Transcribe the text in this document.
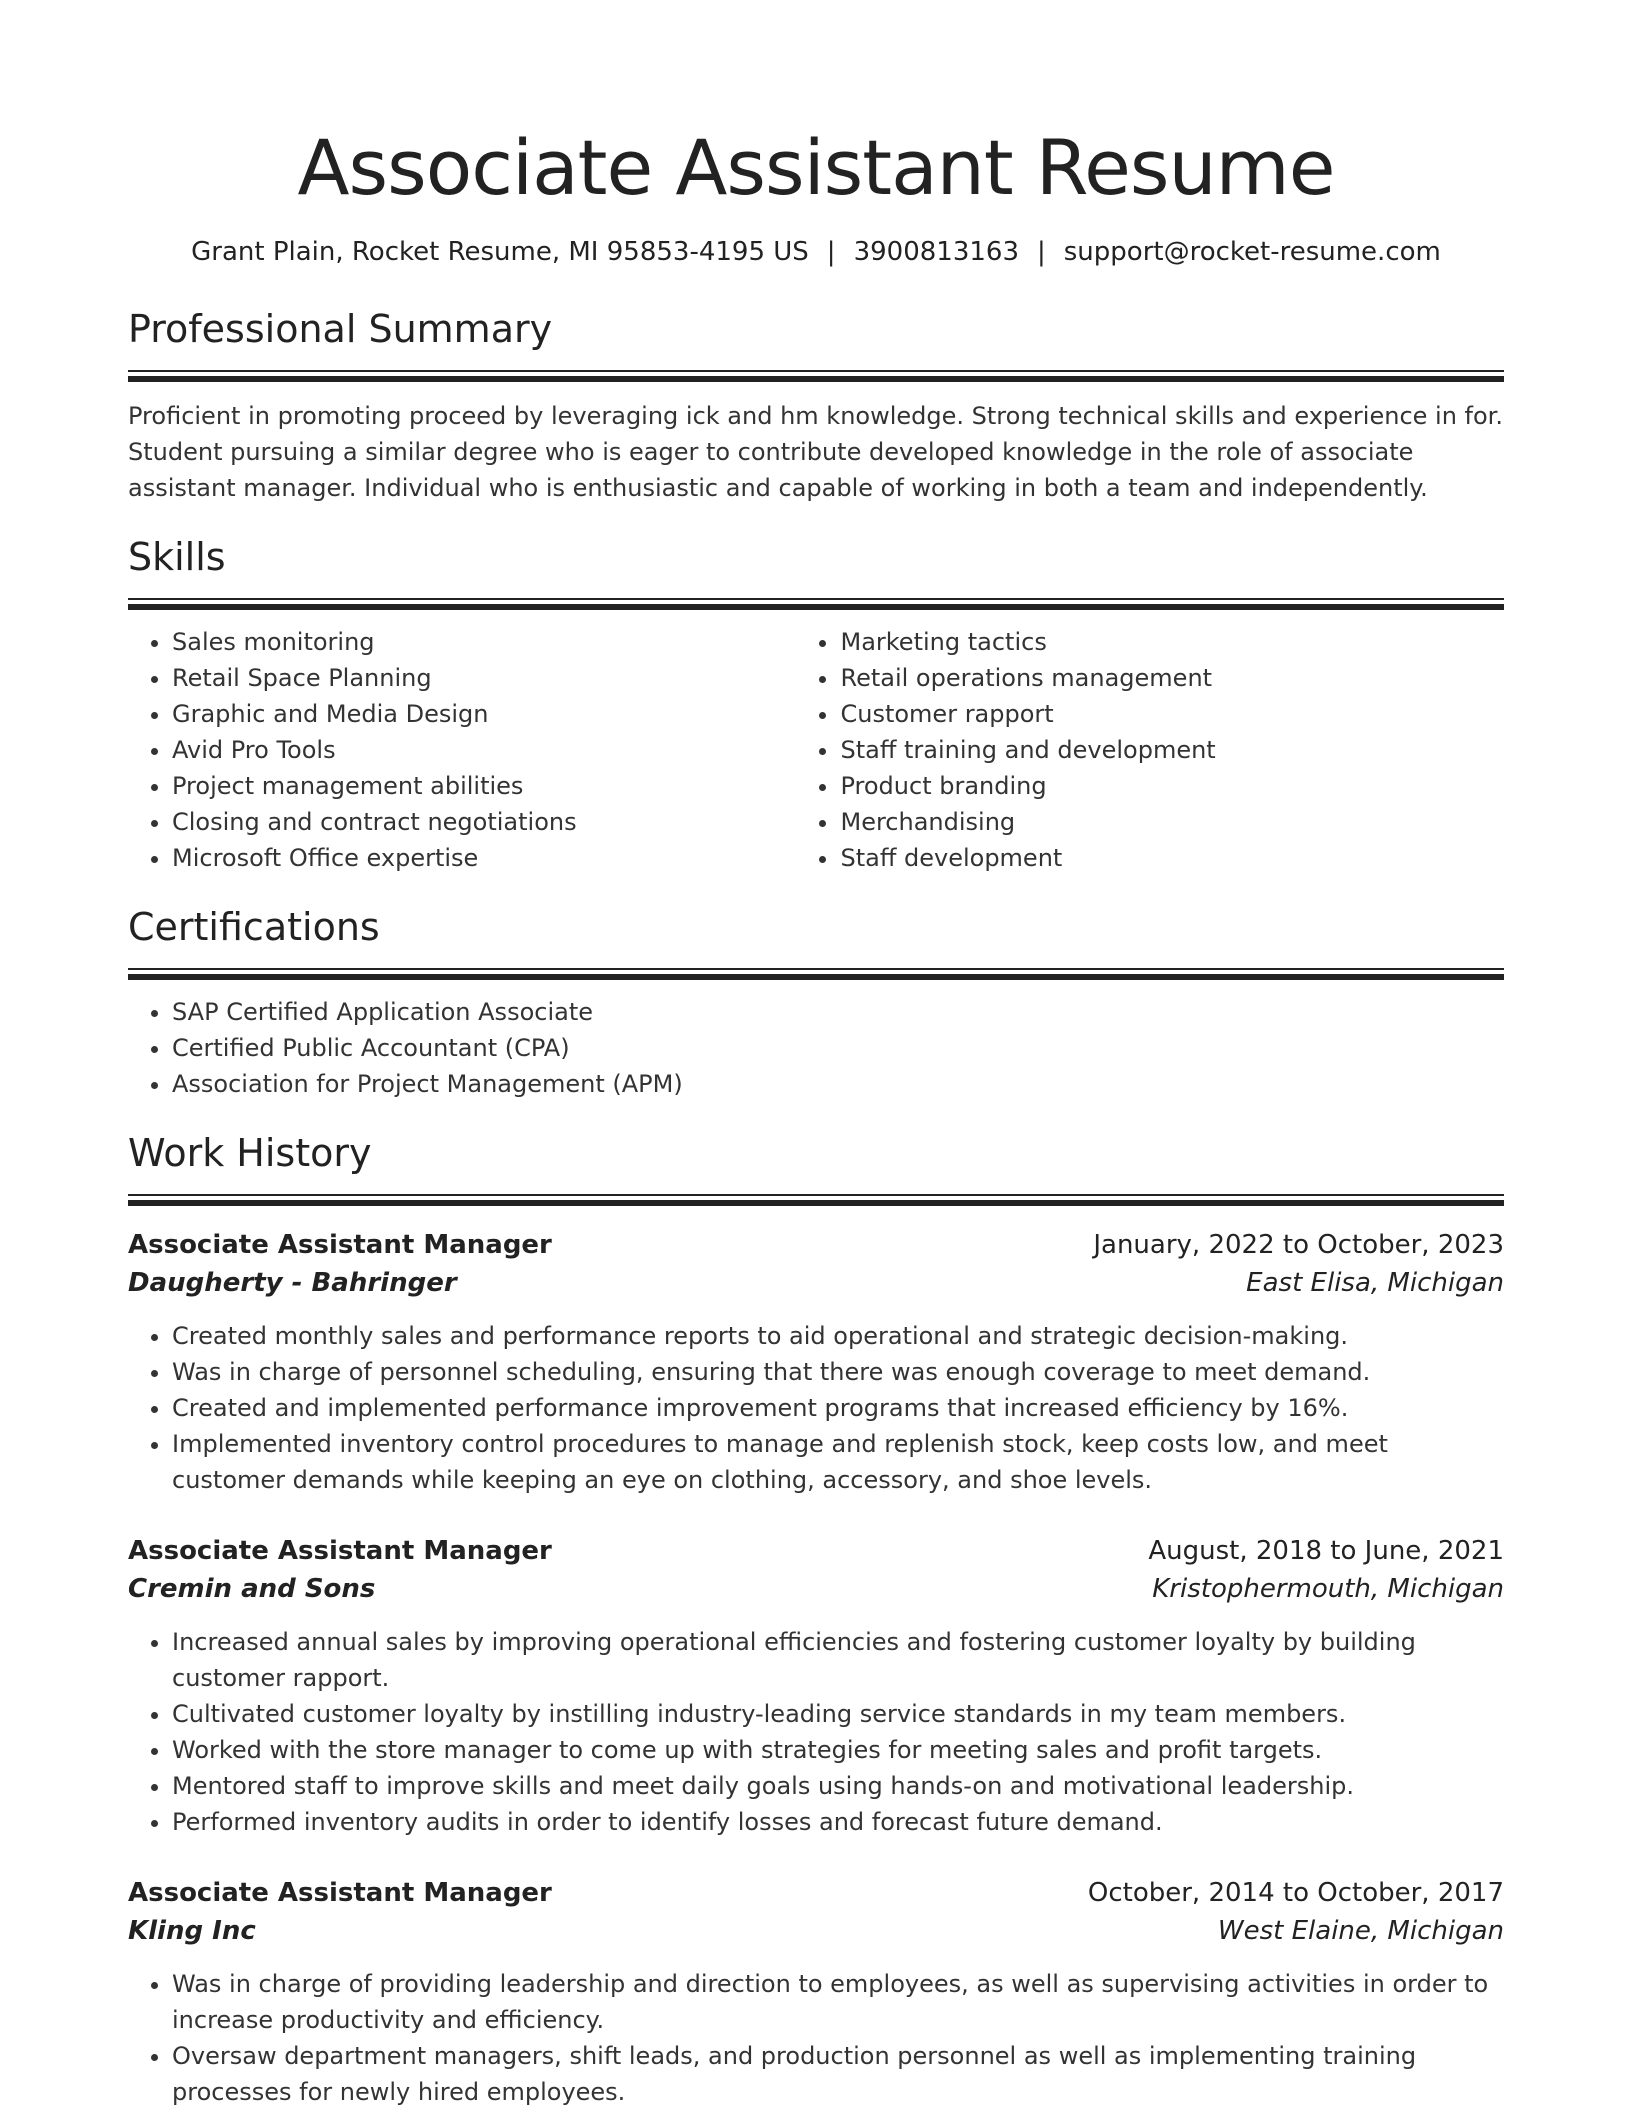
Associate Assistant Resume
Grant Plain, Rocket Resume, MI 95853-4195 US | 3900813163 | support@rocket-resume.com
Professional Summary
Proficient in promoting proceed by leveraging ick and hm knowledge. Strong technical skills and experience in for. Student pursuing a similar degree who is eager to contribute developed knowledge in the role of associate assistant manager. Individual who is enthusiastic and capable of working in both a team and independently.
Skills
• Sales monitoring
• Retail Space Planning
• Graphic and Media Design
• Avid Pro Tools
• Project management abilities
• Closing and contract negotiations
• Microsoft Office expertise
• Marketing tactics
• Retail operations management
• Customer rapport
• Staff training and development
• Product branding
• Merchandising
• Staff development
Certifications
• SAP Certified Application Associate
• Certified Public Accountant (CPA)
• Association for Project Management (APM)
Work History
Associate Assistant Manager	January, 2022 to October, 2023
Daugherty - Bahringer	East Elisa, Michigan
• Created monthly sales and performance reports to aid operational and strategic decision-making.
• Was in charge of personnel scheduling, ensuring that there was enough coverage to meet demand.
• Created and implemented performance improvement programs that increased efficiency by 16%.
• Implemented inventory control procedures to manage and replenish stock, keep costs low, and meet customer demands while keeping an eye on clothing, accessory, and shoe levels.
Associate Assistant Manager	August, 2018 to June, 2021
Cremin and Sons	Kristophermouth, Michigan
• Increased annual sales by improving operational efficiencies and fostering customer loyalty by building customer rapport.
• Cultivated customer loyalty by instilling industry-leading service standards in my team members.
• Worked with the store manager to come up with strategies for meeting sales and profit targets.
• Mentored staff to improve skills and meet daily goals using hands-on and motivational leadership.
• Performed inventory audits in order to identify losses and forecast future demand.
Associate Assistant Manager	October, 2014 to October, 2017
Kling Inc	West Elaine, Michigan
• Was in charge of providing leadership and direction to employees, as well as supervising activities in order to increase productivity and efficiency.
• Oversaw department managers, shift leads, and production personnel as well as implementing training processes for newly hired employees.
